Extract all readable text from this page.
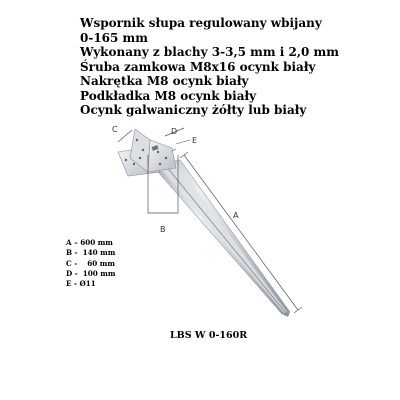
Wspornik słupa regulowany wbijany
0-165 mm
Wykonany z blachy 3-3,5 mm i 2,0 mm
Śruba zamkowa M8x16 ocynk biały
Nakrętka M8 ocynk biały
Podkładka M8 ocynk biały
Ocynk galwaniczny żółty lub biały
A
B
C	D
E
A – 600 mm
B -  140 mm
C -    60 mm
D -  100 mm
E - Ø11
LBS W 0-160R
